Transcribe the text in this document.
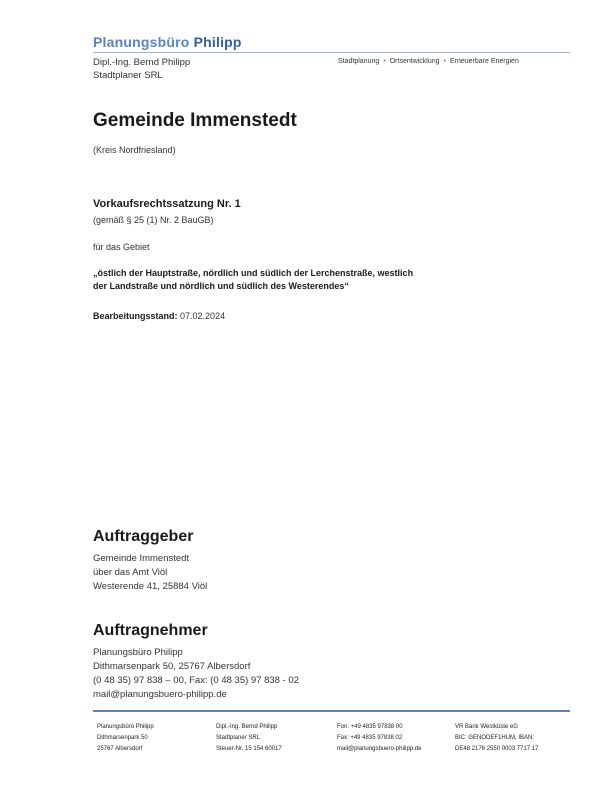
Planungsbüro Philipp
Dipl.-Ing. Bernd Philipp
Stadtplaner SRL
Stadtplanung • Ortsentwicklung • Erneuerbare Energien
Gemeinde Immenstedt
(Kreis Nordfriesland)
Vorkaufsrechtssatzung Nr. 1
(gemäß § 25 (1) Nr. 2 BauGB)
für das Gebiet
„östlich der Hauptstraße, nördlich und südlich der Lerchenstraße, westlich
der Landstraße und nördlich und südlich des Westerendes“
Bearbeitungsstand: 07.02.2024
Auftraggeber
Gemeinde Immenstedt
über das Amt Viöl
Westerende 41, 25884 Viöl
Auftragnehmer
Planungsbüro Philipp
Dithmarsenpark 50, 25767 Albersdorf
(0 48 35) 97 838 – 00, Fax: (0 48 35) 97 838 - 02
mail@planungsbuero-philipp.de
Planungsbüro Philipp
Dithmarsenpark 50
25767 Albersdorf
Dipl.-Ing. Bernd Philipp
Stadtplaner SRL
Steuer-Nr. 15 154 60017
Fon: +49 4835 97838 00
Fax: +49 4835 97838 02
mail@planungsbuero-philipp.de
VR Bank Westküste eG
BIC: GENODEF1HUM, IBAN:
DE48 2176 2550 0003 7717 17
